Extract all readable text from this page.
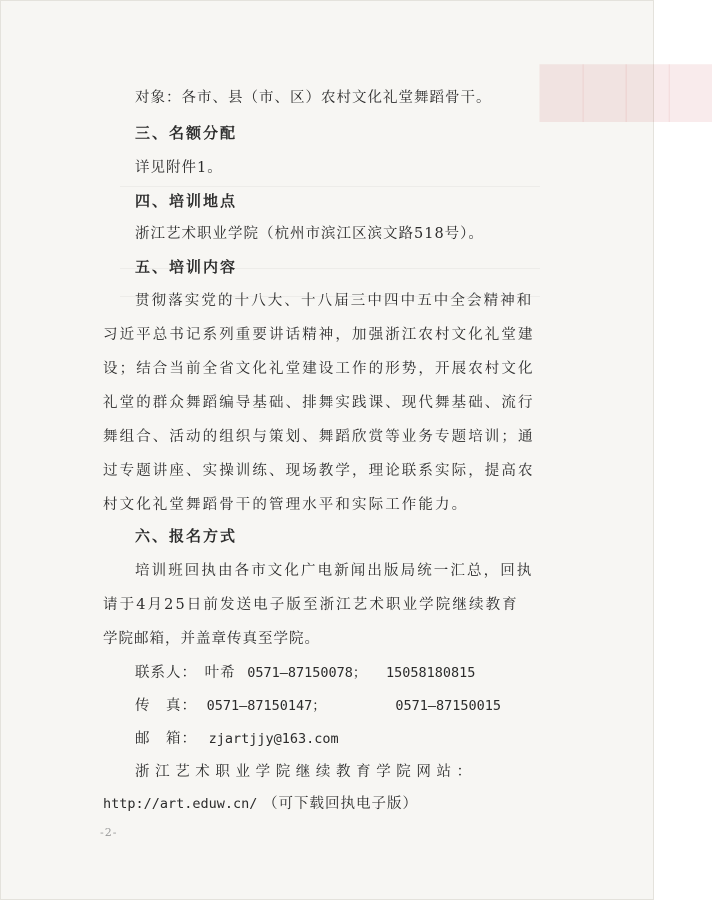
▇▇▇▇
对象：各市、县（市、区）农村文化礼堂舞蹈骨干。
三、名额分配
详见附件1。
四、培训地点
浙江艺术职业学院（杭州市滨江区滨文路518号）。
五、培训内容
贯彻落实党的十八大、十八届三中四中五中全会精神和
习近平总书记系列重要讲话精神，加强浙江农村文化礼堂建
设；结合当前全省文化礼堂建设工作的形势，开展农村文化
礼堂的群众舞蹈编导基础、排舞实践课、现代舞基础、流行
舞组合、活动的组织与策划、舞蹈欣赏等业务专题培训；通
过专题讲座、实操训练、现场教学，理论联系实际，提高农
村文化礼堂舞蹈骨干的管理水平和实际工作能力。
六、报名方式
培训班回执由各市文化广电新闻出版局统一汇总，回执
请于4月25日前发送电子版至浙江艺术职业学院继续教育
学院邮箱，并盖章传真至学院。
联系人： 叶希 0571—87150078； 15058180815
传　真： 0571—87150147；	0571—87150015
邮　箱： zjartjjy@163.com
浙江艺术职业学院继续教育学院网站：
http://art.eduw.cn/ （可下载回执电子版）
-2-
